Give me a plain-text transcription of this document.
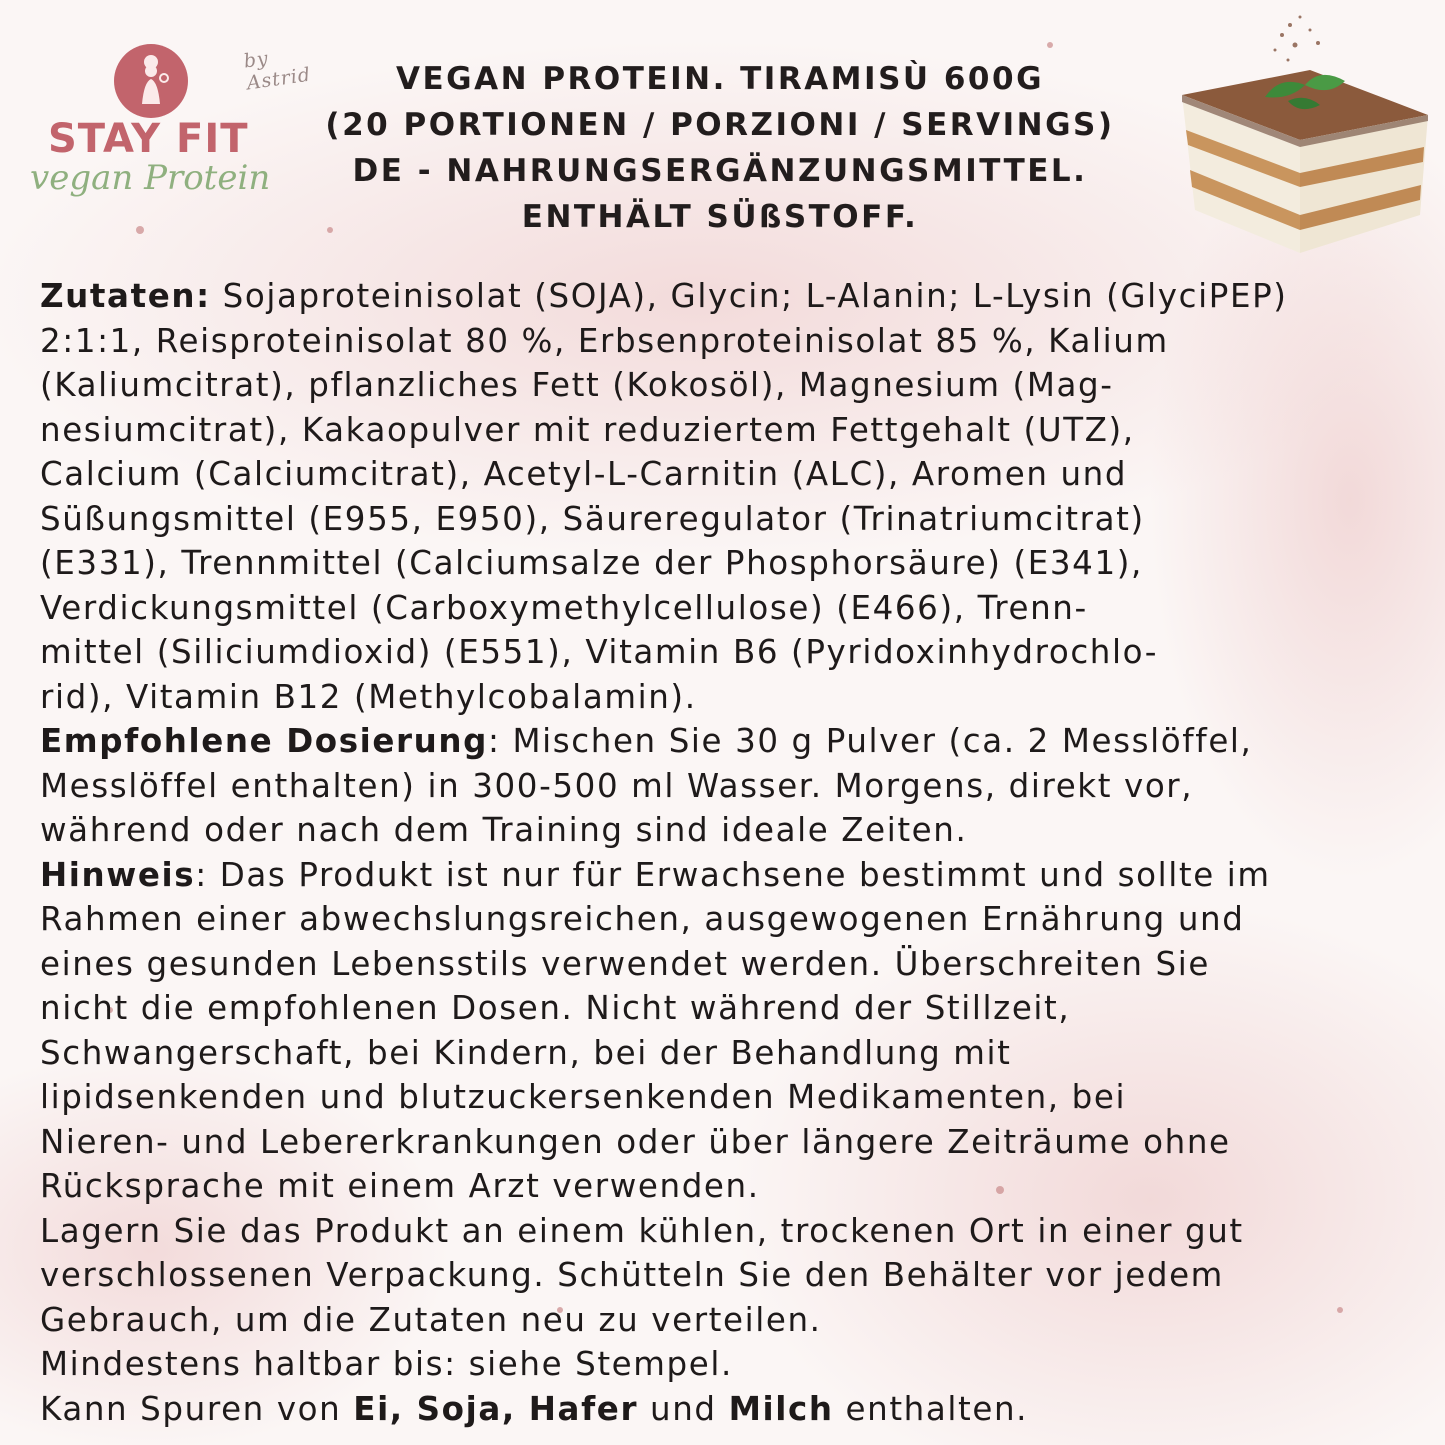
by Astrid
STAY FIT
vegan Protein
VEGAN PROTEIN. TIRAMISÙ 600G
(20 PORTIONEN / PORZIONI / SERVINGS)
DE - NAHRUNGSERGÄNZUNGSMITTEL.
ENTHÄLT SÜßSTOFF.
Zutaten: Sojaproteinisolat (SOJA), Glycin; L-Alanin; L-Lysin (GlyciPEP)
2:1:1, Reisproteinisolat 80 %, Erbsenproteinisolat 85 %, Kalium
(Kaliumcitrat), pflanzliches Fett (Kokosöl), Magnesium (Mag-
nesiumcitrat), Kakaopulver mit reduziertem Fettgehalt (UTZ),
Calcium (Calciumcitrat), Acetyl-L-Carnitin (ALC), Aromen und
Süßungsmittel (E955, E950), Säureregulator (Trinatriumcitrat)
(E331), Trennmittel (Calciumsalze der Phosphorsäure) (E341),
Verdickungsmittel (Carboxymethylcellulose) (E466), Trenn-
mittel (Siliciumdioxid) (E551), Vitamin B6 (Pyridoxinhydrochlo-
rid), Vitamin B12 (Methylcobalamin).
Empfohlene Dosierung: Mischen Sie 30 g Pulver (ca. 2 Messlöffel,
Messlöffel enthalten) in 300-500 ml Wasser. Morgens, direkt vor,
während oder nach dem Training sind ideale Zeiten.
Hinweis: Das Produkt ist nur für Erwachsene bestimmt und sollte im
Rahmen einer abwechslungsreichen, ausgewogenen Ernährung und
eines gesunden Lebensstils verwendet werden. Überschreiten Sie
nicht die empfohlenen Dosen. Nicht während der Stillzeit,
Schwangerschaft, bei Kindern, bei der Behandlung mit
lipidsenkenden und blutzuckersenkenden Medikamenten, bei
Nieren- und Lebererkrankungen oder über längere Zeiträume ohne
Rücksprache mit einem Arzt verwenden.
Lagern Sie das Produkt an einem kühlen, trockenen Ort in einer gut
verschlossenen Verpackung. Schütteln Sie den Behälter vor jedem
Gebrauch, um die Zutaten neu zu verteilen.
Mindestens haltbar bis: siehe Stempel.
Kann Spuren von Ei, Soja, Hafer und Milch enthalten.
